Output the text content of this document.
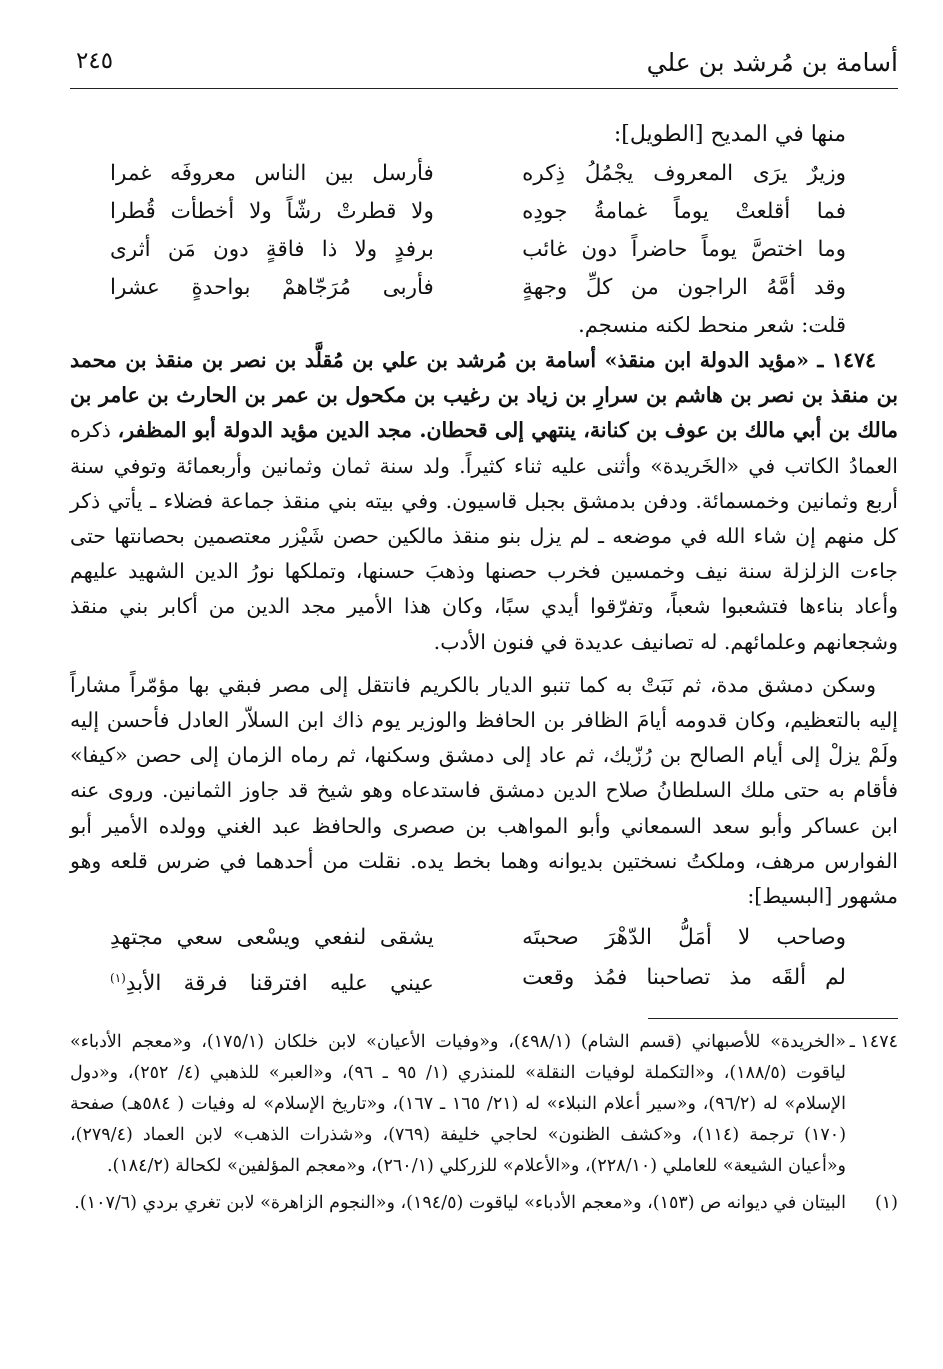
أسامة بن مُرشد بن علي
٢٤٥
منها في المديح [الطويل]:
وزيرٌ يرَى المعروف يجْمُلُ ذِكره
فأرسل بين الناس معروفَه غمرا
فما أقلعتْ يوماً غمامةُ جودِه
ولا قطرتْ رشّاً ولا أخطأت قُطرا
وما اختصَّ يوماً حاضراً دون غائب
برفدٍ ولا ذا فاقةٍ دون مَن أثرى
وقد أمَّهُ الراجون من كلِّ وجهةٍ
فأربى مُرَجّاهمْ بواحدةٍ عشرا
قلت: شعر منحط لكنه منسجم.

١٤٧٤ ـ «مؤيد الدولة ابن منقذ» أسامة بن مُرشد بن علي بن مُقلَّد بن نصر بن منقذ بن محمد بن منقذ بن نصر بن هاشم بن سرارِ بن زياد بن رغيب بن مكحول بن عمر بن الحارث بن عامر بن مالك بن أبي مالك بن عوف بن كنانة، ينتهي إلى قحطان. مجد الدين مؤيد الدولة أبو المظفر، ذكره العمادُ الكاتب في «الخَريدة» وأثنى عليه ثناء كثيراً. ولد سنة ثمان وثمانين وأربعمائة وتوفي سنة أربع وثمانين وخمسمائة. ودفن بدمشق بجبل قاسيون. وفي بيته بني منقذ جماعة فضلاء ـ يأتي ذكر كل منهم إن شاء الله في موضعه ـ لم يزل بنو منقذ مالكين حصن شَيْزر معتصمين بحصانتها حتى جاءت الزلزلة سنة نيف وخمسين فخرب حصنها وذهبَ حسنها، وتملكها نورُ الدين الشهيد عليهم وأعاد بناءها فتشعبوا شعباً، وتفرّقوا أيدي سبًا، وكان هذا الأمير مجد الدين من أكابر بني منقذ وشجعانهم وعلمائهم. له تصانيف عديدة في فنون الأدب.

وسكن دمشق مدة، ثم نَبَتْ به كما تنبو الديار بالكريم فانتقل إلى مصر فبقي بها مؤمّراً مشاراً إليه بالتعظيم، وكان قدومه أيامَ الظافر بن الحافظ والوزير يوم ذاك ابن السلاّر العادل فأحسن إليه ولَمْ يزلْ إلى أيام الصالح بن رُزّيك، ثم عاد إلى دمشق وسكنها، ثم رماه الزمان إلى حصن «كيفا» فأقام به حتى ملك السلطانُ صلاح الدين دمشق فاستدعاه وهو شيخ قد جاوز الثمانين. وروى عنه ابن عساكر وأبو سعد السمعاني وأبو المواهب بن صصرى والحافظ عبد الغني وولده الأمير أبو الفوارس مرهف، وملكتُ نسختين بديوانه وهما بخط يده. نقلت من أحدهما في ضرس قلعه وهو مشهور [البسيط]:

وصاحب لا أمَلُّ الدّهْرَ صحبتَه
يشقى لنفعي ويسْعى سعي مجتهدِ
لم ألقَه مذ تصاحبنا فمُذ وقعت
عيني عليه افترقنا فرقة الأبدِ$^{(١)}$
١٤٧٤ ـ
«الخريدة» للأصبهاني (قسم الشام) (٤٩٨/١)، و«وفيات الأعيان» لابن خلكان (١٧٥/١)، و«معجم الأدباء» لياقوت (١٨٨/٥)، و«التكملة لوفيات النقلة» للمنذري (١/ ٩٥ ـ ٩٦)، و«العبر» للذهبي (٤/ ٢٥٢)، و«دول الإسلام» له (٩٦/٢)، و«سير أعلام النبلاء» له (٢١/ ١٦٥ ـ ١٦٧)، و«تاريخ الإسلام» له وفيات ( ٥٨٤هـ) صفحة (١٧٠) ترجمة (١١٤)، و«كشف الظنون» لحاجي خليفة (٧٦٩)، و«شذرات الذهب» لابن العماد (٢٧٩/٤)، و«أعيان الشيعة» للعاملي (٢٢٨/١٠)، و«الأعلام» للزركلي (٢٦٠/١)، و«معجم المؤلفين» لكحالة (١٨٤/٢).
(١)
البيتان في ديوانه ص (١٥٣)، و«معجم الأدباء» لياقوت (١٩٤/٥)، و«النجوم الزاهرة» لابن تغري بردي (١٠٧/٦).
